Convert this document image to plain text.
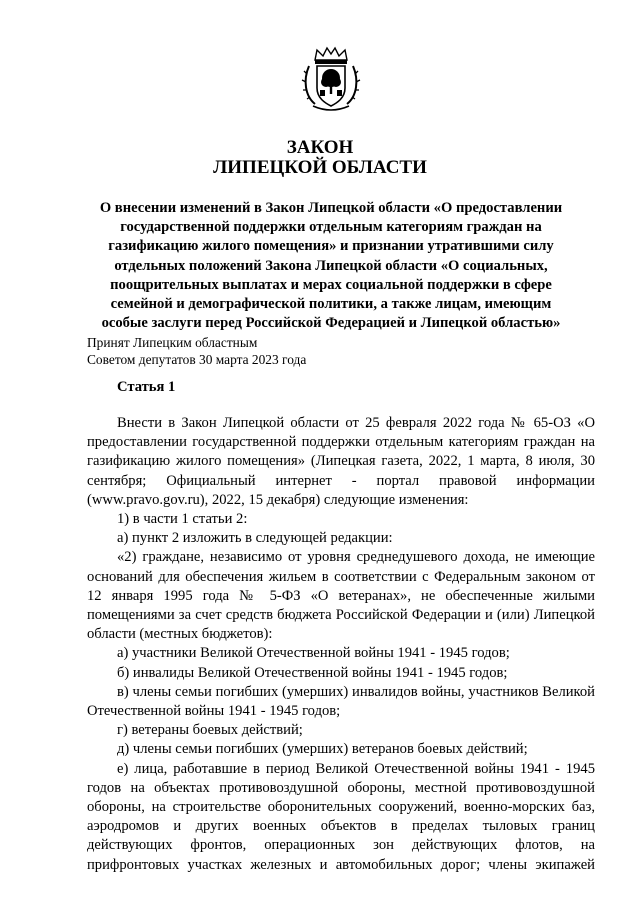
ЗАКОН
ЛИПЕЦКОЙ ОБЛАСТИ
О внесении изменений в Закон Липецкой области «О предоставлении государственной поддержки отдельным категориям граждан на газификацию жилого помещения» и признании утратившими силу отдельных положений Закона Липецкой области «О социальных, поощрительных выплатах и мерах социальной поддержки в сфере семейной и демографической политики, а также лицам, имеющим особые заслуги перед Российской Федерацией и Липецкой областью»
Принят Липецким областным
Советом депутатов 30 марта 2023 года
Статья 1

Внести в Закон Липецкой области от 25 февраля 2022 года № 65-ОЗ «О предоставлении государственной поддержки отдельным категориям граждан на газификацию жилого помещения» (Липецкая газета, 2022, 1 марта, 8 июля, 30 сентября; Официальный интернет - портал правовой информации (www.pravo.gov.ru), 2022, 15 декабря) следующие изменения:

1) в части 1 статьи 2:

а) пункт 2 изложить в следующей редакции:

«2) граждане, независимо от уровня среднедушевого дохода, не имеющие оснований для обеспечения жильем в соответствии с Федеральным законом от 12 января 1995 года № 5-ФЗ «О ветеранах», не обеспеченные жилыми помещениями за счет средств бюджета Российской Федерации и (или) Липецкой области (местных бюджетов):

а) участники Великой Отечественной войны 1941 - 1945 годов;

б) инвалиды Великой Отечественной войны 1941 - 1945 годов;

в) члены семьи погибших (умерших) инвалидов войны, участников Великой Отечественной войны 1941 - 1945 годов;

г) ветераны боевых действий;

д) члены семьи погибших (умерших) ветеранов боевых действий;

е) лица, работавшие в период Великой Отечественной войны 1941 - 1945 годов на объектах противовоздушной обороны, местной противовоздушной обороны, на строительстве оборонительных сооружений, военно-морских баз, аэродромов и других военных объектов в пределах тыловых границ действующих фронтов, операционных зон действующих флотов, на прифронтовых участках железных и автомобильных дорог; члены экипажей
